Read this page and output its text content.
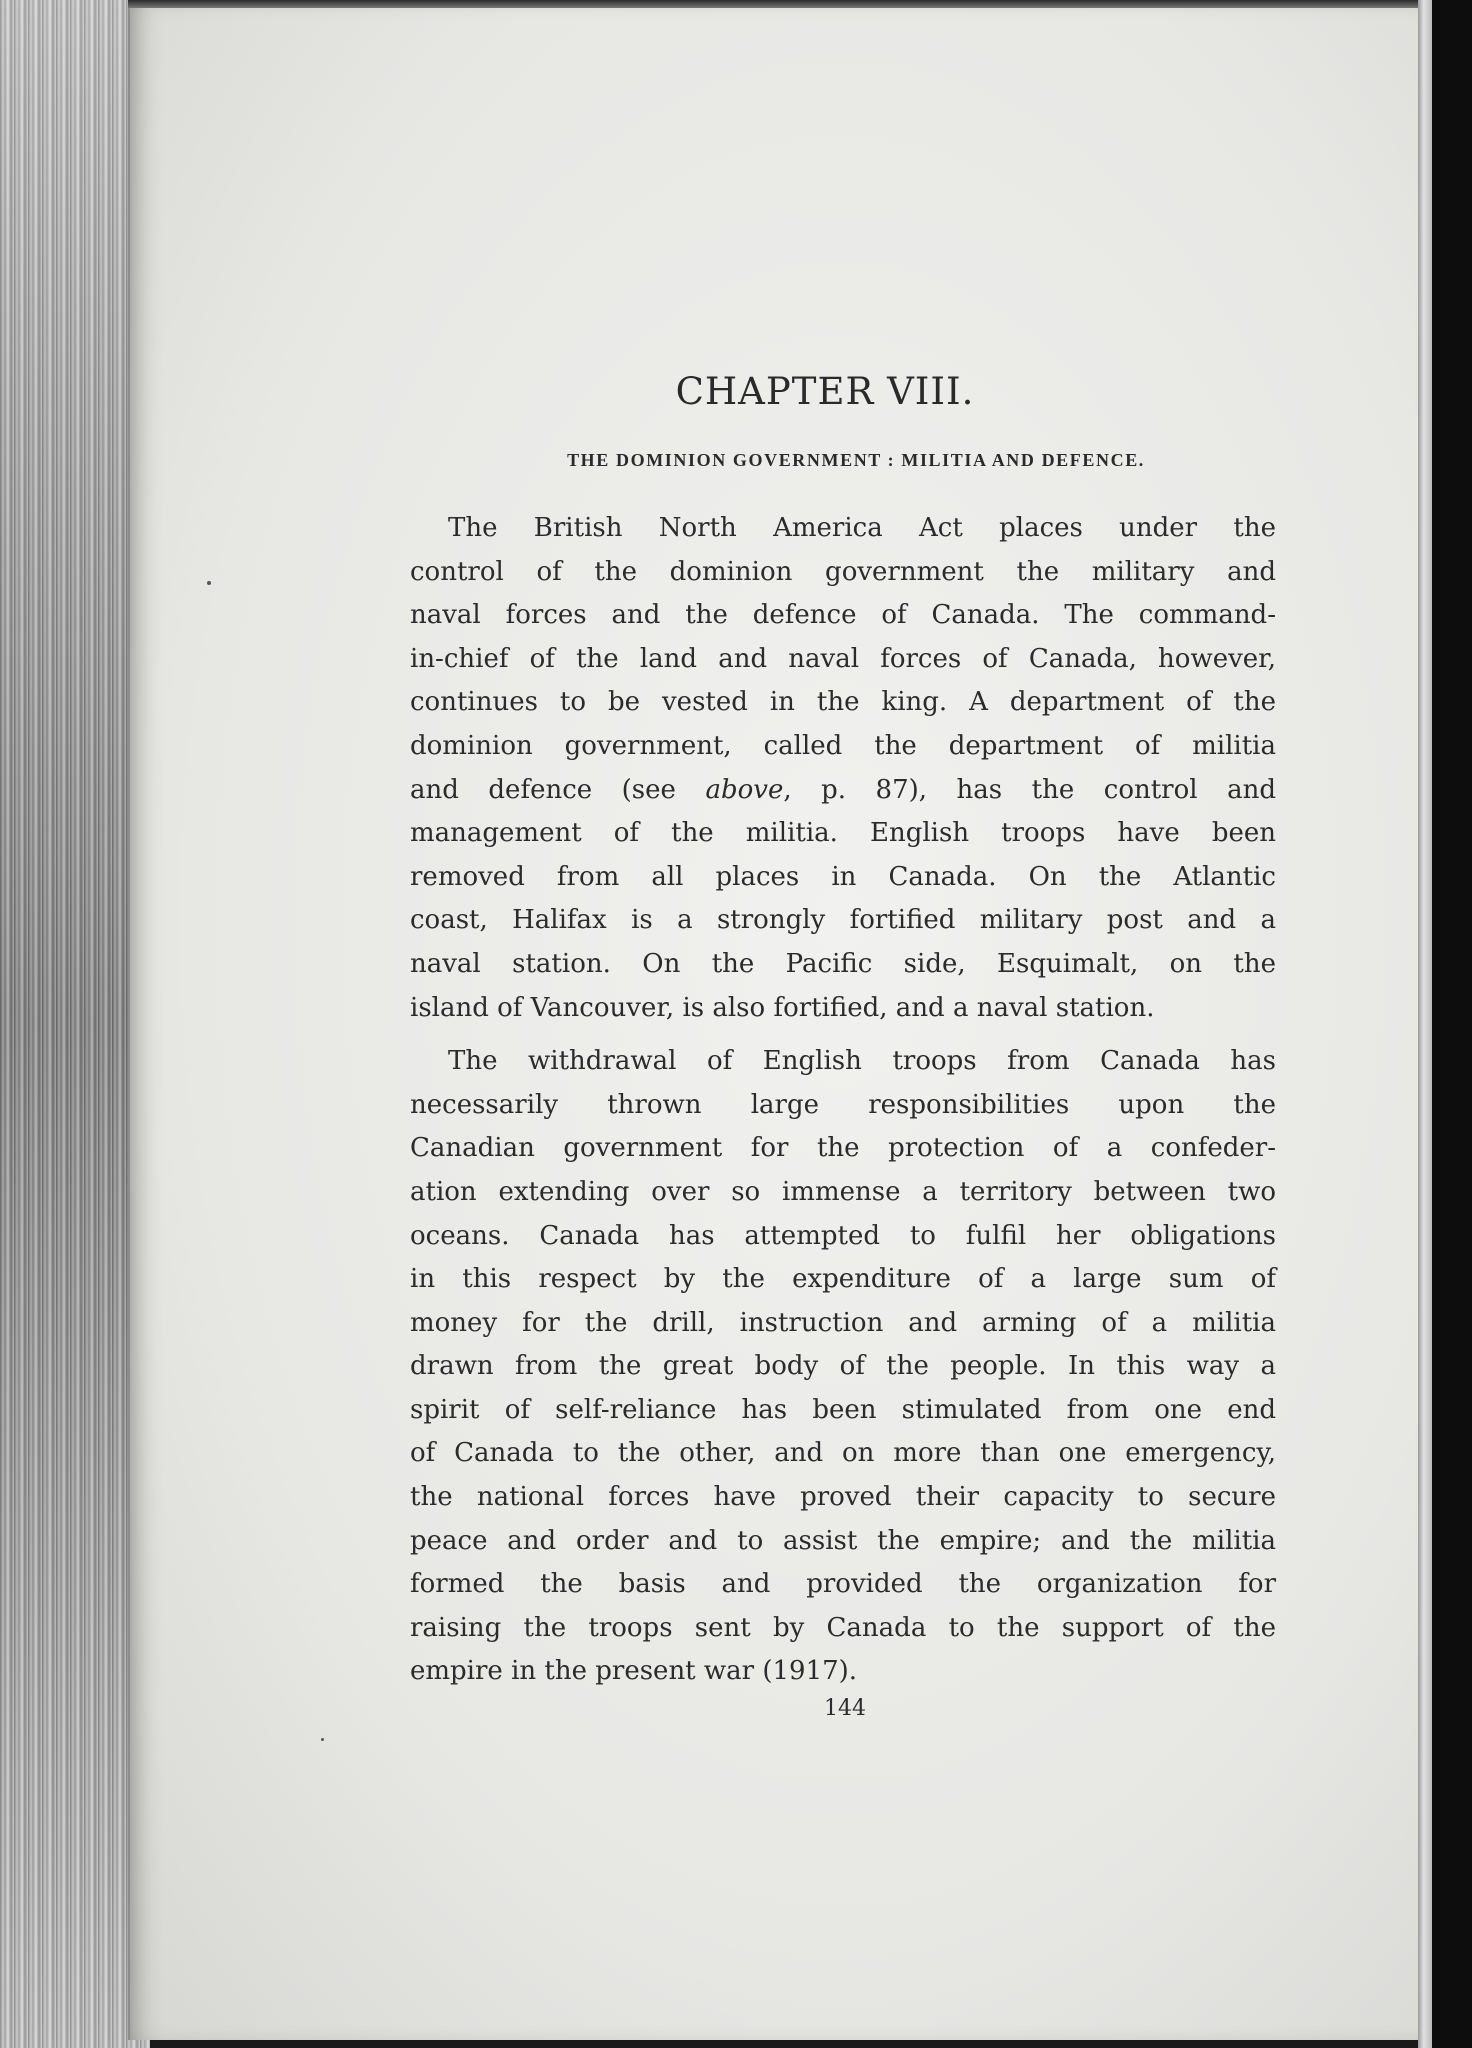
CHAPTER VIII.
THE DOMINION GOVERNMENT : MILITIA AND DEFENCE.

The British North America Act places under the
control of the dominion government the military and
naval forces and the defence of Canada. The command-
in-chief of the land and naval forces of Canada, however,
continues to be vested in the king. A department of the
dominion government, called the department of militia
and defence (see above, p. 87), has the control and
management of the militia. English troops have been
removed from all places in Canada. On the Atlantic
coast, Halifax is a strongly fortified military post and a
naval station. On the Pacific side, Esquimalt, on the
island of Vancouver, is also fortified, and a naval station.

The withdrawal of English troops from Canada has
necessarily thrown large responsibilities upon the
Canadian government for the protection of a confeder-
ation extending over so immense a territory between two
oceans. Canada has attempted to fulfil her obligations
in this respect by the expenditure of a large sum of
money for the drill, instruction and arming of a militia
drawn from the great body of the people. In this way a
spirit of self-reliance has been stimulated from one end
of Canada to the other, and on more than one emergency,
the national forces have proved their capacity to secure
peace and order and to assist the empire; and the militia
formed the basis and provided the organization for
raising the troops sent by Canada to the support of the
empire in the present war (1917).

144
